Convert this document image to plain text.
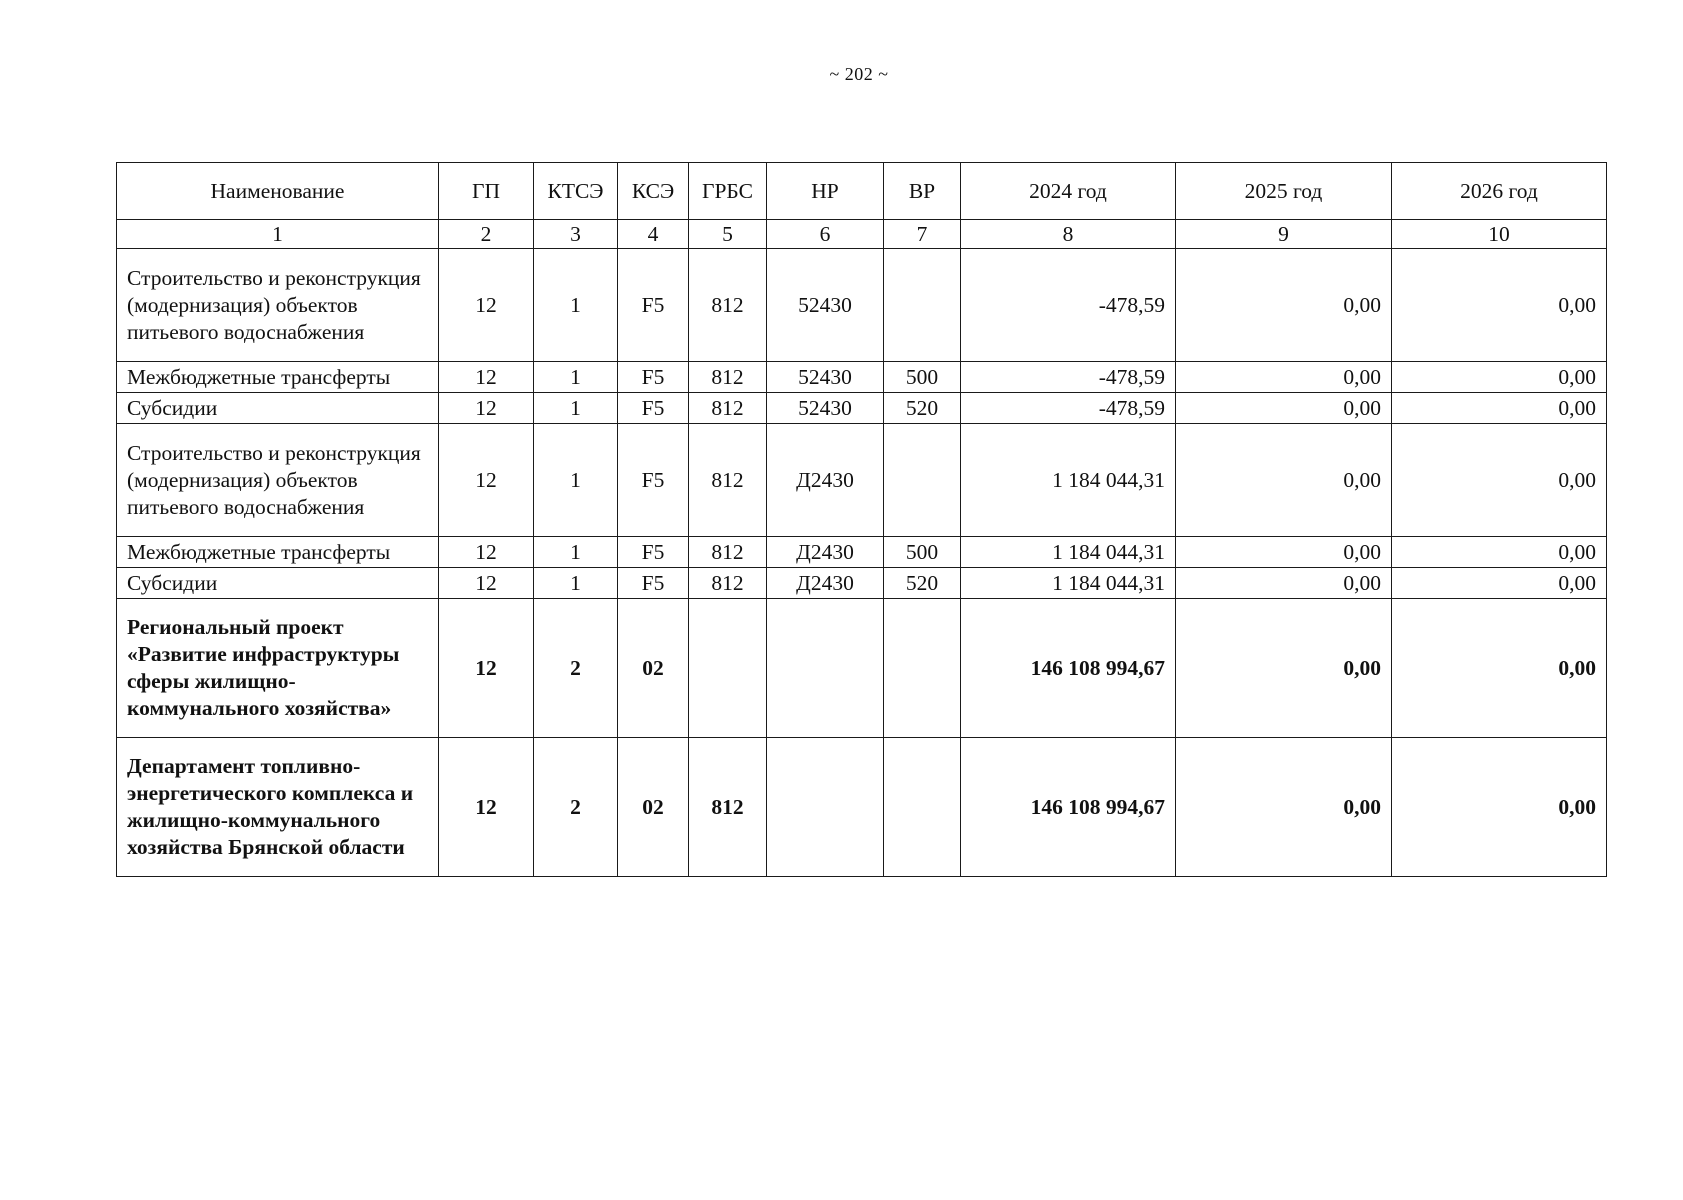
~ 202 ~
Наименование	ГП	КТСЭ	КСЭ	ГРБС	НР	ВР	2024 год	2025 год	2026 год
1	2	3	4	5	6	7	8	9	10
Строительство и реконструкция (модернизация) объектов питьевого водоснабжения	12	1	F5	812	52430		-478,59	0,00	0,00
Межбюджетные трансферты	12	1	F5	812	52430	500	-478,59	0,00	0,00
Субсидии	12	1	F5	812	52430	520	-478,59	0,00	0,00
Строительство и реконструкция (модернизация) объектов питьевого водоснабжения	12	1	F5	812	Д2430		1 184 044,31	0,00	0,00
Межбюджетные трансферты	12	1	F5	812	Д2430	500	1 184 044,31	0,00	0,00
Субсидии	12	1	F5	812	Д2430	520	1 184 044,31	0,00	0,00
Региональный проект «Развитие инфраструктуры сферы жилищно-коммунального хозяйства»	12	2	02				146 108 994,67	0,00	0,00
Департамент топливно-энергетического комплекса и жилищно-коммунального хозяйства Брянской области	12	2	02	812			146 108 994,67	0,00	0,00
